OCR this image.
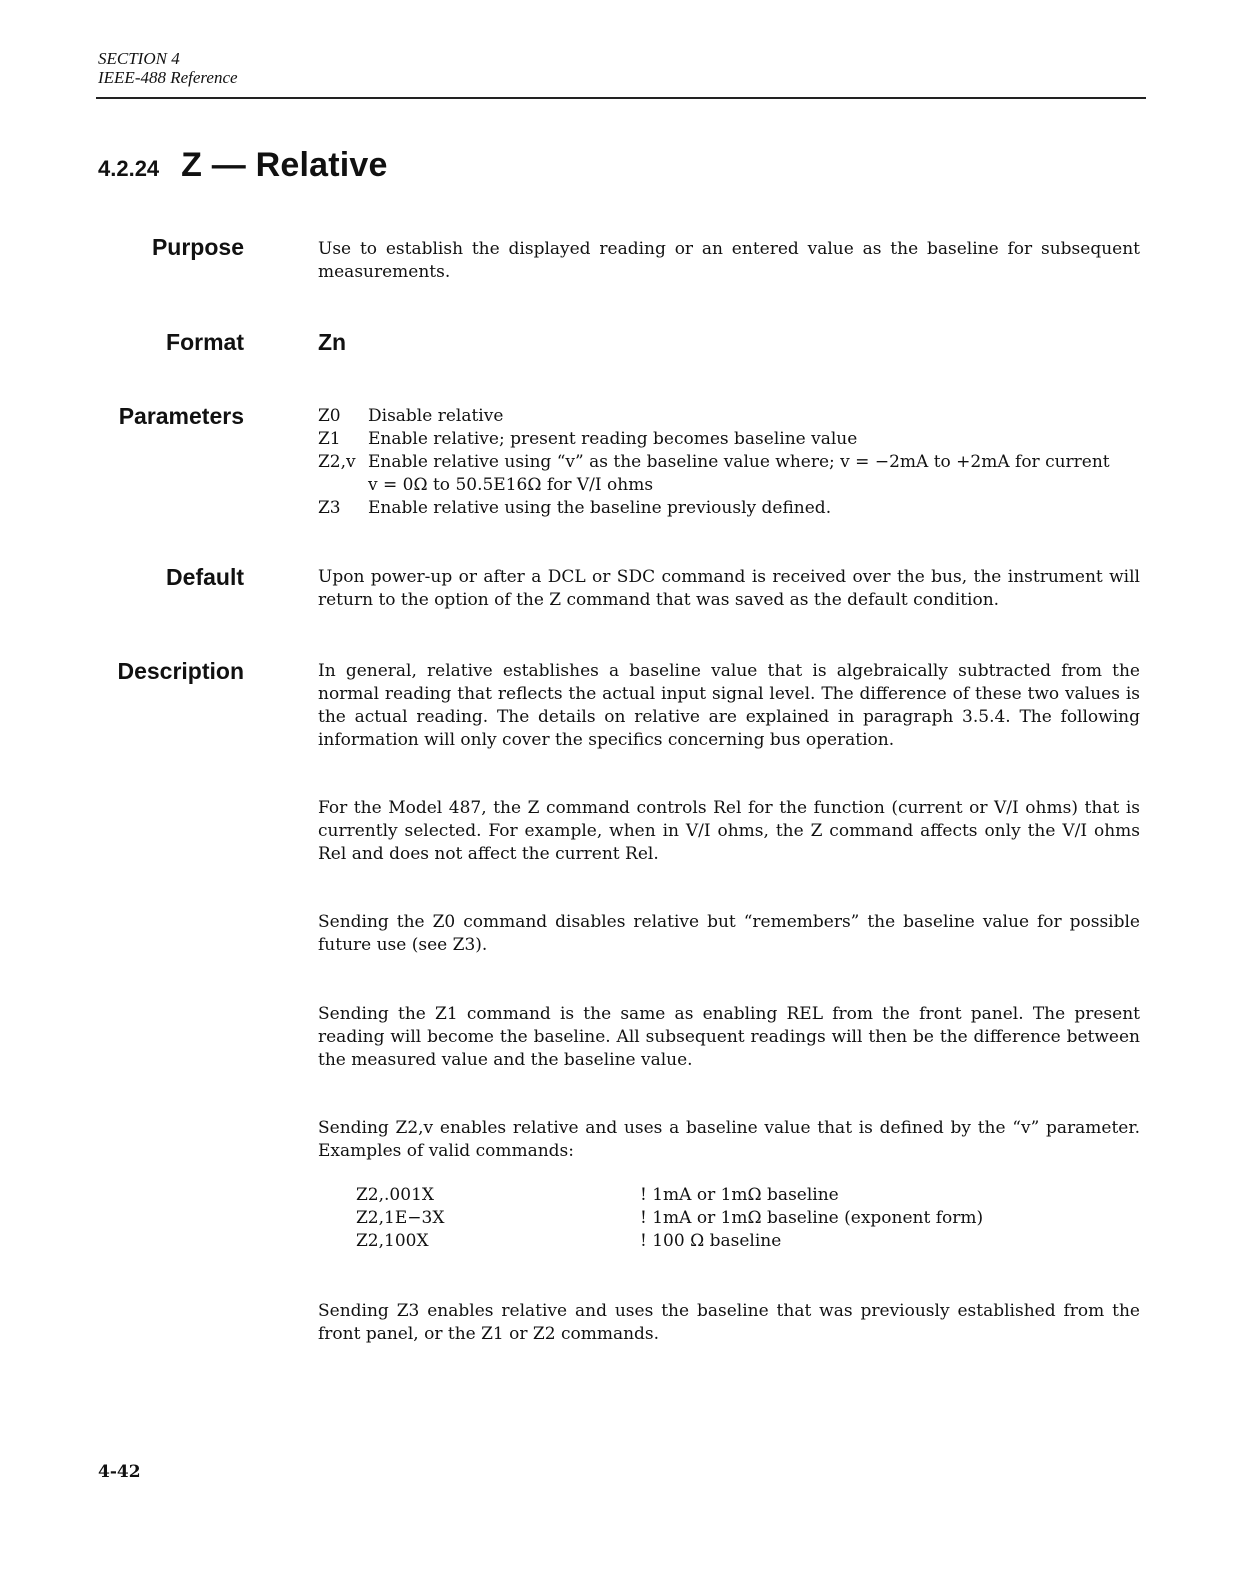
SECTION 4
IEEE-488 Reference
4.2.24 Z — Relative
Purpose	Use to establish the displayed reading or an entered value as the baseline for subsequent measurements.

Format	Zn
Parameters	Z0	Disable relative
Z1	Enable relative; present reading becomes baseline value
Z2,v Enable relative using “v” as the baseline value where; v = −2mA to +2mA for current
v = 0Ω to 50.5E16Ω for V/I ohms
Z3	Enable relative using the baseline previously defined.
Default	Upon power-up or after a DCL or SDC command is received over the bus, the instrument will return to the option of the Z command that was saved as the default condition.

Description	In general, relative establishes a baseline value that is algebraically subtracted from the normal reading that reflects the actual input signal level. The difference of these two values is the actual reading. The details on relative are explained in paragraph 3.5.4. The following information will only cover the specifics concerning bus operation.

For the Model 487, the Z command controls Rel for the function (current or V/I ohms) that is currently selected. For example, when in V/I ohms, the Z command affects only the V/I ohms Rel and does not affect the current Rel.

Sending the Z0 command disables relative but “remembers” the baseline value for possible future use (see Z3).

Sending the Z1 command is the same as enabling REL from the front panel. The present reading will become the baseline. All subsequent readings will then be the difference between the measured value and the baseline value.

Sending Z2,v enables relative and uses a baseline value that is defined by the “v” parameter. Examples of valid commands:

Z2,.001X	! 1mA or 1mΩ baseline
Z2,1E−3X	! 1mA or 1mΩ baseline (exponent form)
Z2,100X	! 100 Ω baseline

Sending Z3 enables relative and uses the baseline that was previously established from the front panel, or the Z1 or Z2 commands.

4-42
